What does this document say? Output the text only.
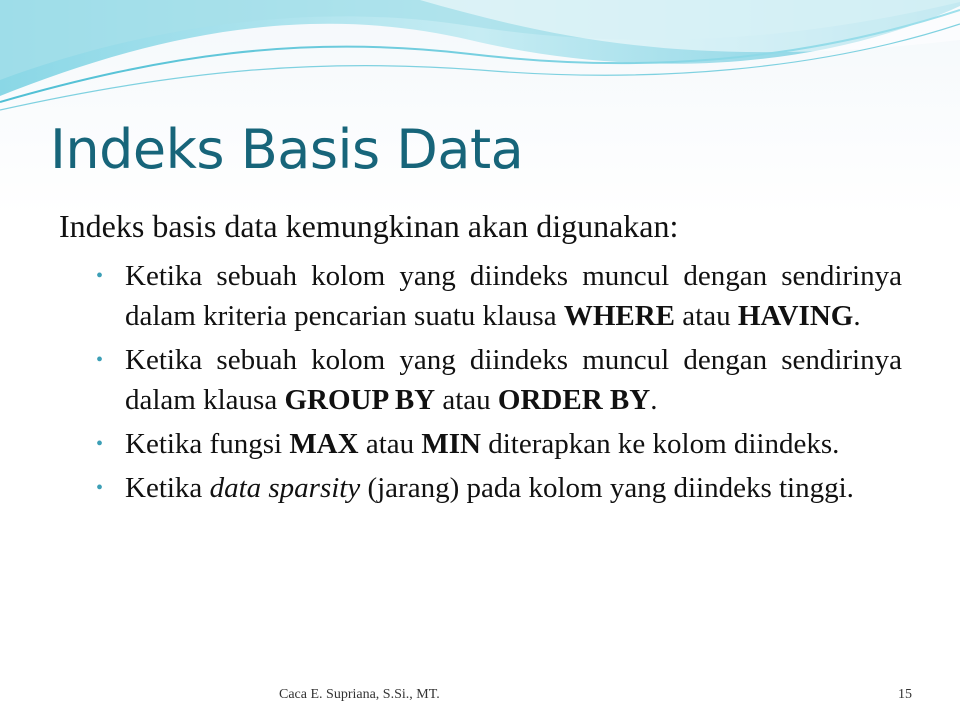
Indeks Basis Data
Indeks basis data kemungkinan akan digunakan:
• Ketika sebuah kolom yang diindeks muncul dengan sendirinya dalam kriteria pencarian suatu klausa WHERE atau HAVING.
• Ketika sebuah kolom yang diindeks muncul dengan sendirinya dalam klausa GROUP BY atau ORDER BY.
• Ketika fungsi MAX atau MIN diterapkan ke kolom diindeks.
• Ketika data sparsity (jarang) pada kolom yang diindeks tinggi.
Caca E. Supriana, S.Si., MT.	15
